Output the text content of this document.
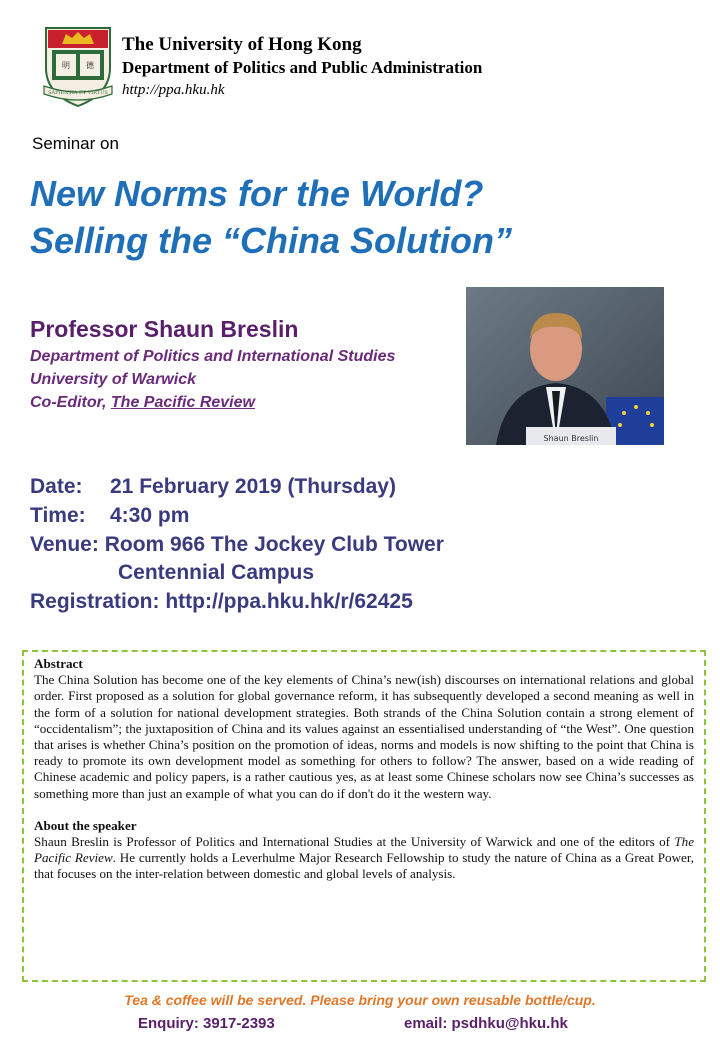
明 德
SAPIENTIA ET VIRTUS
The University of Hong Kong
Department of Politics and Public Administration
http://ppa.hku.hk
Seminar on
New Norms for the World?
Selling the “China Solution”
Professor Shaun Breslin
Department of Politics and International Studies
University of Warwick
Co-Editor, The Pacific Review
Shaun Breslin
Date: 21 February 2019 (Thursday)
Time: 4:30 pm
Venue: Room 966 The Jockey Club Tower
Centennial Campus
Registration: http://ppa.hku.hk/r/62425
Abstract
The China Solution has become one of the key elements of China’s new(ish) discourses on international relations and global order. First proposed as a solution for global governance reform, it has subsequently developed a second meaning as well in the form of a solution for national development strategies. Both strands of the China Solution contain a strong element of “occidentalism”; the juxtaposition of China and its values against an essentialised understanding of “the West”. One question that arises is whether China’s position on the promotion of ideas, norms and models is now shifting to the point that China is ready to promote its own development model as something for others to follow? The answer, based on a wide reading of Chinese academic and policy papers, is a rather cautious yes, as at least some Chinese scholars now see China’s successes as something more than just an example of what you can do if don't do it the western way.
About the speaker
Shaun Breslin is Professor of Politics and International Studies at the University of Warwick and one of the editors of The Pacific Review. He currently holds a Leverhulme Major Research Fellowship to study the nature of China as a Great Power, that focuses on the inter-relation between domestic and global levels of analysis.
Tea & coffee will be served. Please bring your own reusable bottle/cup.
Enquiry: 3917-2393	email: psdhku@hku.hk
